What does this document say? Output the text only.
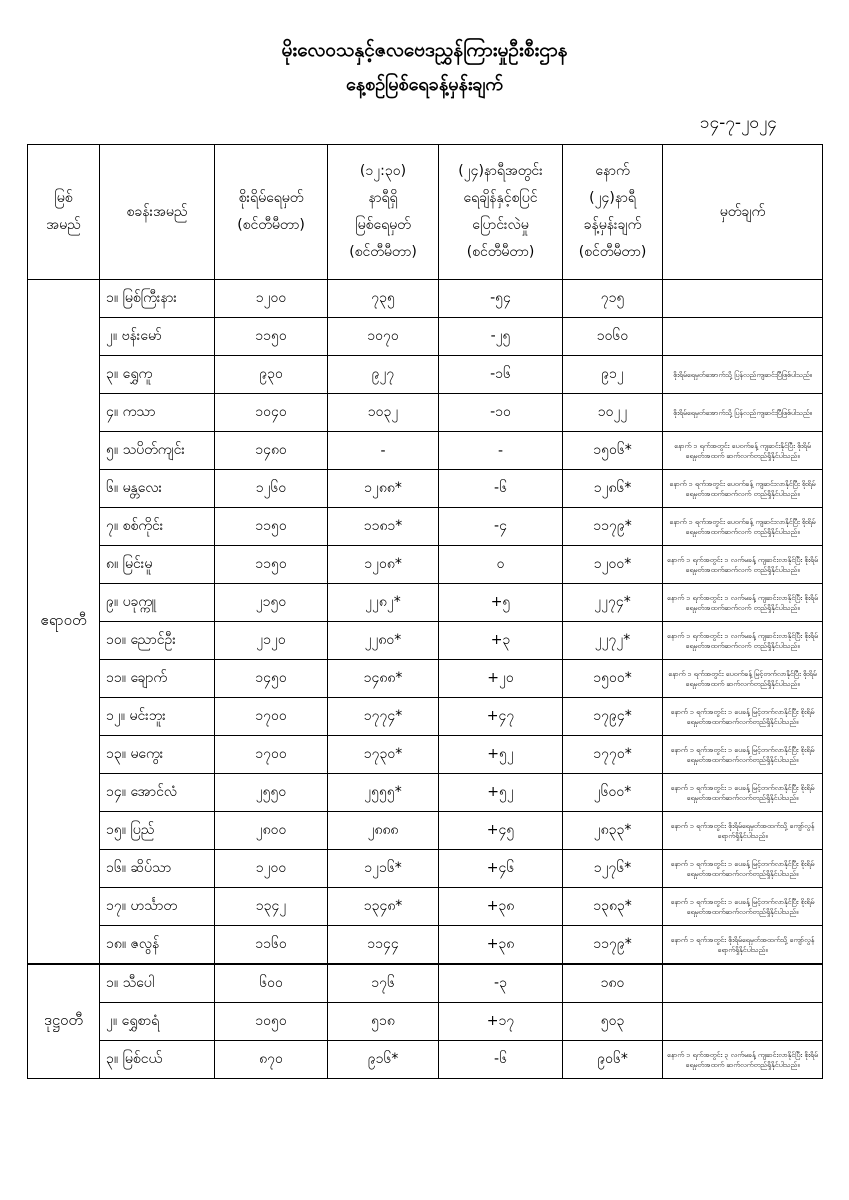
မိုးလေဝသနှင့်ဇလဗေဒညွှန်ကြားမှုဦးစီးဌာန
နေ့စဉ်မြစ်ရေခန့်မှန်းချက်
၁၄-၇-၂၀၂၄
မြစ်
အမည်	စခန်းအမည်	စိုးရိမ်ရေမှတ်
(စင်တီမီတာ)	(၁၂:၃၀)
နာရီရှိ
မြစ်ရေမှတ်
(စင်တီမီတာ)	(၂၄)နာရီအတွင်း
ရေချိန်နှင့်စပြင်
ပြောင်းလဲမှု
(စင်တီမီတာ)	နောက်
(၂၄)နာရီ
ခန့်မှန်းချက်
(စင်တီမီတာ)	မှတ်ချက်

ဧရာဝတီ	၁။ မြစ်ကြီးနား	၁၂၀၀	၇၃၅	-၅၄	၇၁၅	
	၂။ ဗန်းမော်	၁၁၅၀	၁၀၇၀	-၂၅	၁၀၆၀	
	၃။ ရွှေကူ	၉၃၀	၉၂၇	-၁၆	၉၁၂	စိုးရိမ်ရေမှတ်အောက်သို့ ပြန်လည်ကျဆင်းပြီဖြစ်ပါသည်။
	၄။ ကသာ	၁၀၄၀	၁၀၃၂	-၁၀	၁၀၂၂	စိုးရိမ်ရေမှတ်အောက်သို့ ပြန်လည်ကျဆင်းပြီဖြစ်ပါသည်။
	၅။ သပိတ်ကျင်း	၁၄၈၀	-	-	၁၅၀၆*	နောက် ၁ ရက်အတွင်း ပေ၀က်ခန့် ကျဆင်းနိုင်ပြီး စိုးရိမ်ရေမှတ်အထက် ဆက်လက်တည်ရှိနိုင်ပါသည်။
	၆။ မန္တလေး	၁၂၆၀	၁၂၈၈*	-၆	၁၂၈၆*	နောက် ၁ ရက်အတွင်း ပေ၀က်ခန့် ကျဆင်းလာနိုင်ပြီး စိုးရိမ်ရေမှတ်အထက်ဆက်လက် တည်ရှိနိုင်ပါသည်။
	၇။ စစ်ကိုင်း	၁၁၅၀	၁၁၈၁*	-၄	၁၁၇၉*	နောက် ၁ ရက်အတွင်း ပေ၀က်ခန့် ကျဆင်းလာနိုင်ပြီး စိုးရိမ်ရေမှတ်အထက်ဆက်လက် တည်ရှိနိုင်ပါသည်။
	၈။ မြင်းမူ	၁၁၅၀	၁၂၀၈*	၀	၁၂၀၀*	နောက် ၁ ရက်အတွင်း ၁ လက်မခန့် ကျဆင်းလာနိုင်ပြီး စိုးရိမ်ရေမှတ်အထက်ဆက်လက် တည်ရှိနိုင်ပါသည်။
	၉။ ပခုက္ကူ	၂၁၅၀	၂၂၈၂*	+၅	၂၂၇၄*	နောက် ၁ ရက်အတွင်း ၁ လက်မခန့် ကျဆင်းလာနိုင်ပြီး စိုးရိမ်ရေမှတ်အထက်ဆက်လက် တည်ရှိနိုင်ပါသည်။
	၁၀။ ညောင်ဦး	၂၁၂၀	၂၂၈၀*	+၃	၂၂၇၂*	နောက် ၁ ရက်အတွင်း ၁ လက်မခန့် ကျဆင်းလာနိုင်ပြီး စိုးရိမ်ရေမှတ်အထက်ဆက်လက် တည်ရှိနိုင်ပါသည်။
	၁၁။ ချောက်	၁၄၅၀	၁၄၈၈*	+၂၀	၁၅၀၀*	နောက် ၁ ရက်အတွင်း ပေ၀က်ခန့် မြင့်တက်လာနိုင်ပြီး စိုးရိမ်ရေမှတ်အထက် ဆက်လက်တည်ရှိနိုင်ပါသည်။
	၁၂။ မင်းဘူး	၁၇၀၀	၁၇၇၄*	+၄၇	၁၇၉၄*	နောက် ၁ ရက်အတွင်း ၁ ပေခန့် မြင့်တက်လာနိုင်ပြီး စိုးရိမ်ရေမှတ်အထက်ဆက်လက်တည်ရှိနိုင်ပါသည်။
	၁၃။ မကွေး	၁၇၀၀	၁၇၃၀*	+၅၂	၁၇၇၀*	နောက် ၁ ရက်အတွင်း ၁ ပေခန့် မြင့်တက်လာနိုင်ပြီး စိုးရိမ်ရေမှတ်အထက်ဆက်လက်တည်ရှိနိုင်ပါသည်။
	၁၄။ အောင်လံ	၂၅၅၀	၂၅၅၅*	+၅၂	၂၆၀၀*	နောက် ၁ ရက်အတွင်း ၁ ပေခန့် မြင့်တက်လာနိုင်ပြီး စိုးရိမ်ရေမှတ်အထက်ဆက်လက်တည်ရှိနိုင်ပါသည်။
	၁၅။ ပြည်	၂၈၀၀	၂၈၈၈	+၄၅	၂၈၃၃*	နောက် ၁ ရက်အတွင်း စိုးရိမ်ရေမှတ်အထက်သို့ ကျော်လွန်ရောက်ရှိနိုင်ပါသည်။
	၁၆။ ဆိပ်သာ	၁၂၀၀	၁၂၁၆*	+၄၆	၁၂၇၆*	နောက် ၁ ရက်အတွင်း ၁ ပေခန့် မြင့်တက်လာနိုင်ပြီး စိုးရိမ်ရေမှတ်အထက်ဆက်လက်တည်ရှိနိုင်ပါသည်။
	၁၇။ ဟင်္သာတ	၁၃၄၂	၁၃၄၈*	+၃၈	၁၃၈၃*	နောက် ၁ ရက်အတွင်း ၁ ပေခန့် မြင့်တက်လာနိုင်ပြီး စိုးရိမ်ရေမှတ်အထက်ဆက်လက်တည်ရှိနိုင်ပါသည်။
	၁၈။ ဇလွန်	၁၁၆၀	၁၁၄၄	+၃၈	၁၁၇၉*	နောက် ၁ ရက်အတွင်း စိုးရိမ်ရေမှတ်အထက်သို့ ကျော်လွန်ရောက်ရှိနိုင်ပါသည်။
ဒုဋ္ဌဝတီ	၁။ သီပေါ	၆၀၀	၁၇၆	-၃	၁၈၀	
	၂။ ရွှေစာရံ	၁၀၅၀	၅၁၈	+၁၇	၅၀၃	
	၃။ မြစ်ငယ်	၈၇၀	၉၁၆*	-၆	၉၀၆*	နောက် ၁ ရက်အတွင်း ၃ လက်မခန့် ကျဆင်းလာနိုင်ပြီး စိုးရိမ်ရေမှတ်အထက် ဆက်လက်တည်ရှိနိုင်ပါသည်။
